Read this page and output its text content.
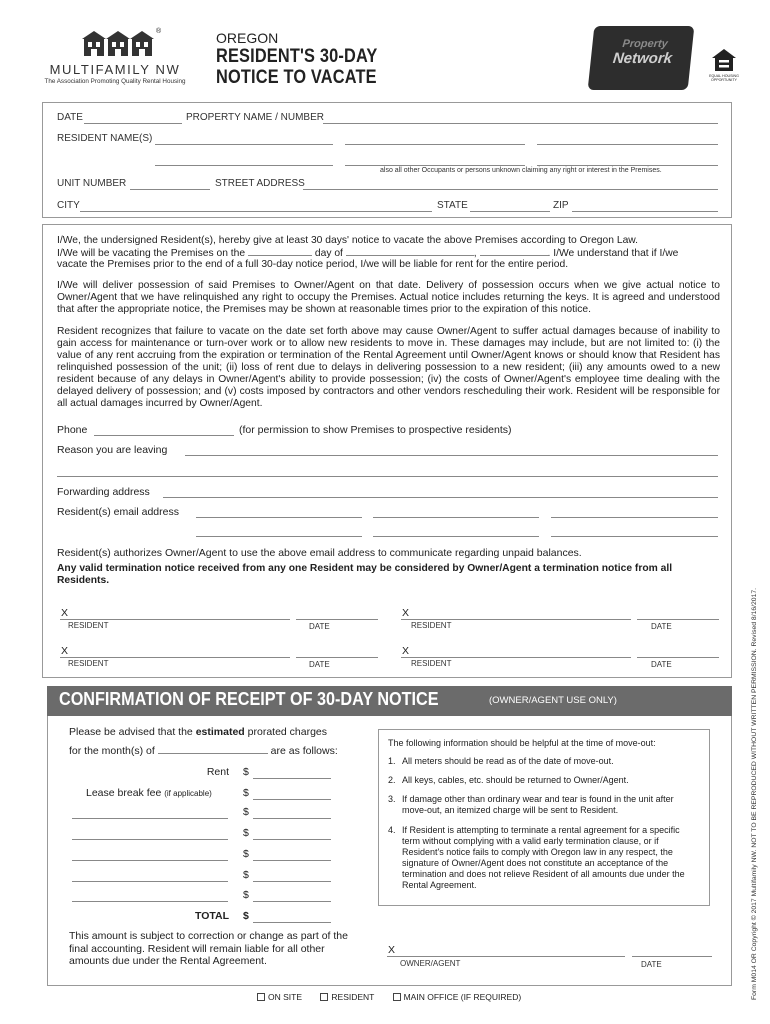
®
MULTIFAMILY NW
The Association Promoting Quality Rental Housing
OREGON
RESIDENT'S 30-DAY
NOTICE TO VACATE
Property
Network
EQUAL HOUSING OPPORTUNITY
DATE	PROPERTY NAME / NUMBER
RESIDENT NAME(S)
also all other Occupants or persons unknown claiming any right or interest in the Premises.
UNIT NUMBER	STREET ADDRESS
CITY	STATE	ZIP
I/We, the undersigned Resident(s), hereby give at least 30 days' notice to vacate the above Premises according to Oregon Law.
I/We will be vacating the Premises on the	day of	,	. I/We understand that if I/we
vacate the Premises prior to the end of a full 30-day notice period, I/we will be liable for rent for the entire period.
I/We will deliver possession of said Premises to Owner/Agent on that date. Delivery of possession occurs when we give actual notice to Owner/Agent that we have relinquished any right to occupy the Premises. Actual notice includes returning the keys. It is agreed and understood that after the appropriate notice, the Premises may be shown at reasonable times prior to the expiration of this notice.
Resident recognizes that failure to vacate on the date set forth above may cause Owner/Agent to suffer actual damages because of inability to gain access for maintenance or turn-over work or to allow new residents to move in. These damages may include, but are not limited to: (i) the value of any rent accruing from the expiration or termination of the Rental Agreement until Owner/Agent knows or should know that Resident has relinquished possession of the unit; (ii) loss of rent due to delays in delivering possession to a new resident; (iii) any amounts owed to a new resident because of any delays in Owner/Agent's ability to provide possession; (iv) the costs of Owner/Agent's employee time dealing with the delayed delivery of possession; and (v) costs imposed by contractors and other vendors rescheduling their work. Resident will be responsible for all actual damages incurred by Owner/Agent.
Phone	(for permission to show Premises to prospective residents)
Reason you are leaving
Forwarding address
Resident(s) email address
Resident(s) authorizes Owner/Agent to use the above email address to communicate regarding unpaid balances.
Any valid termination notice received from any one Resident may be considered by Owner/Agent a termination notice from all Residents.
X
RESIDENT	DATE
X
RESIDENT	DATE
X
RESIDENT	DATE
X
RESIDENT	DATE
CONFIRMATION OF RECEIPT OF 30-DAY NOTICE	(OWNER/AGENT USE ONLY)
Please be advised that the estimated prorated charges
for the month(s) of	are as follows:
Rent $
Lease break fee (if applicable)	$
$
$
$
$
$
TOTAL $
This amount is subject to correction or change as part of the final accounting. Resident will remain liable for all other amounts due under the Rental Agreement.
The following information should be helpful at the time of move-out:
1. All meters should be read as of the date of move-out.
2. All keys, cables, etc. should be returned to Owner/Agent.
3. If damage other than ordinary wear and tear is found in the unit after move-out, an itemized charge will be sent to Resident.
4. If Resident is attempting to terminate a rental agreement for a specific term without complying with a valid early termination clause, or if Resident's notice fails to comply with Oregon law in any respect, the signature of Owner/Agent does not constitute an acceptance of the termination and does not relieve Resident of all amounts due under the Rental Agreement.
X
OWNER/AGENT	DATE
ON SITE	RESIDENT	MAIN OFFICE (IF REQUIRED)	Form M014 OR Copyright © 2017 Multifamily NW. NOT TO BE REPRODUCED WITHOUT WRITTEN PERMISSION. Revised 8/16/2017.
